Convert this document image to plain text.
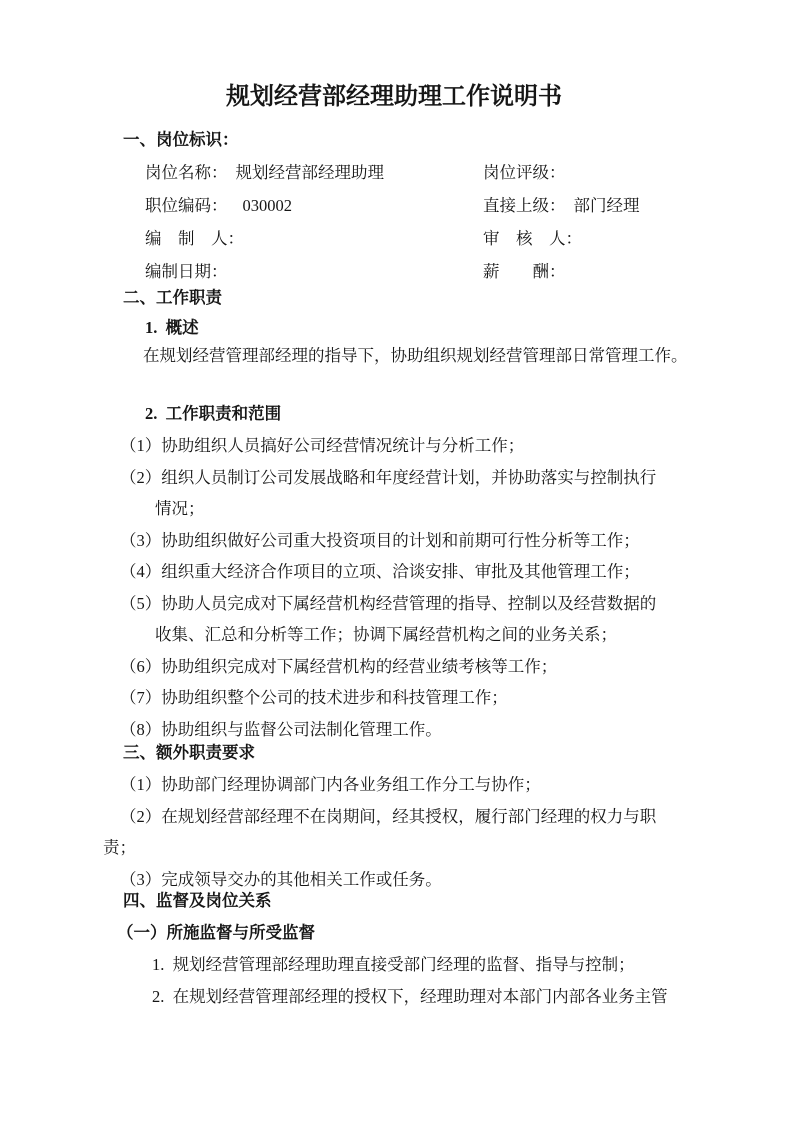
规划经营部经理助理工作说明书
一、岗位标识：
岗位名称： 规划经营部经理助理	岗位评级：
职位编码： 030002	直接上级： 部门经理
编　制　人：	审　核　人：
编制日期：	薪　　酬：
二、工作职责
1.  概述
在规划经营管理部经理的指导下，协助组织规划经营管理部日常管理工作。
2.  工作职责和范围
（1）协助组织人员搞好公司经营情况统计与分析工作；
（2）组织人员制订公司发展战略和年度经营计划，并协助落实与控制执行情况；
（3）协助组织做好公司重大投资项目的计划和前期可行性分析等工作；
（4）组织重大经济合作项目的立项、洽谈安排、审批及其他管理工作；
（5）协助人员完成对下属经营机构经营管理的指导、控制以及经营数据的收集、汇总和分析等工作；协调下属经营机构之间的业务关系；
（6）协助组织完成对下属经营机构的经营业绩考核等工作；
（7）协助组织整个公司的技术进步和科技管理工作；
（8）协助组织与监督公司法制化管理工作。
三、额外职责要求
（1）协助部门经理协调部门内各业务组工作分工与协作；
（2）在规划经营部经理不在岗期间，经其授权，履行部门经理的权力与职责；
（3）完成领导交办的其他相关工作或任务。
四、监督及岗位关系
（一）所施监督与所受监督
1.  规划经营管理部经理助理直接受部门经理的监督、指导与控制；
2.  在规划经营管理部经理的授权下，经理助理对本部门内部各业务主管
